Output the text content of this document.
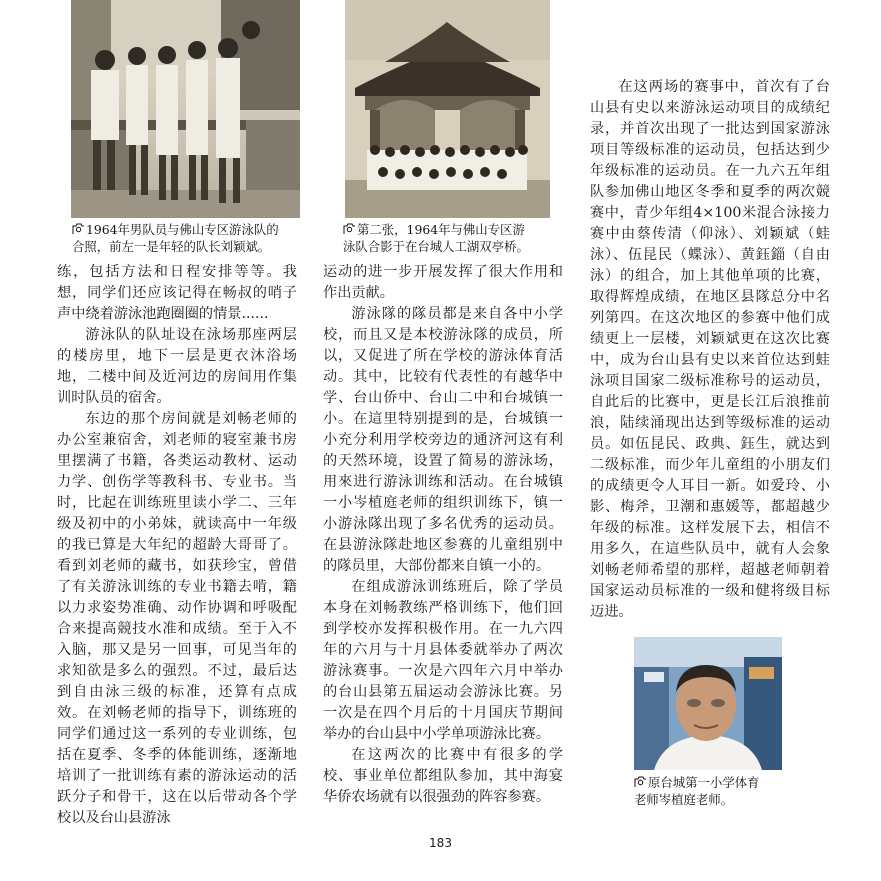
1964年男队员与佛山专区游泳队的
合照，前左一是年轻的队长刘颖斌。
第二张，1964年与佛山专区游
泳队合影于在台城人工湖双亭桥。

练，包括方法和日程安排等等。我想，同学们还应该记得在畅叔的哨子声中绕着游泳池跑圈圈的情景......

游泳队的队址设在泳场那座两层的楼房里，地下一层是更衣沐浴场地，二楼中间及近河边的房间用作集训时队员的宿舍。

东边的那个房间就是刘畅老师的办公室兼宿舍，刘老师的寝室兼书房里摆满了书籍，各类运动教材、运动力学、创伤学等教科书、专业书。当时，比起在训练班里读小学二、三年级及初中的小弟妹，就读高中一年级的我已算是大年纪的超龄大哥哥了。看到刘老师的藏书，如获珍宝，曾借了有关游泳训练的专业书籍去啃，籍以力求姿势准确、动作协调和呼吸配合来提高競技水准和成绩。至于入不入脑，那又是另一回事，可见当年的求知欲是多么的强烈。不过，最后达到自由泳三级的标准，还算有点成效。在刘畅老师的指导下，训练班的同学们通过这一系列的专业训练，包括在夏季、冬季的体能训练，逐渐地培训了一批训练有素的游泳运动的活跃分子和骨干，这在以后带动各个学校以及台山县游泳

运动的进一步开展发挥了很大作用和作出贡献。

游泳隊的隊员都是来自各中小学校，而且又是本校游泳隊的成员，所以，又促进了所在学校的游泳体育活动。其中，比较有代表性的有越华中学、台山侨中、台山二中和台城镇一小。在這里特别提到的是，台城镇一小充分利用学校旁边的通济河这有利的天然环境，设置了简易的游泳场，用來进行游泳训练和活动。在台城镇一小岑植庭老师的组织训练下，镇一小游泳隊出现了多名优秀的运动员。在县游泳隊赴地区参赛的儿童组别中的隊员里，大部份都来自镇一小的。

在组成游泳训练班后，除了学员本身在刘畅教练严格训练下，他们回到学校亦发挥积极作用。在一九六四年的六月与十月县体委就举办了两次游泳赛事。一次是六四年六月中举办的台山县第五届运动会游泳比赛。另一次是在四个月后的十月国庆节期间举办的台山县中小学单项游泳比赛。

在这两次的比赛中有很多的学校、事业单位都组队参加，其中海宴华侨农场就有以很强劲的阵容参赛。

在这两场的赛事中，首次有了台山县有史以来游泳运动项目的成绩纪录，并首次出现了一批达到国家游泳项目等级标准的运动员，包括达到少年级标准的运动员。在一九六五年组队参加佛山地区冬季和夏季的两次競赛中，青少年组4×100米混合泳接力赛中由蔡传清（仰泳）、刘颖斌（蛙泳）、伍昆民（蝶泳）、黄鈺錙（自由泳）的组合，加上其他单项的比赛，取得辉煌成绩，在地区县隊总分中名列第四。在这次地区的参赛中他们成绩更上一层楼，刘颖斌更在这次比赛中，成为台山县有史以来首位达到蛙泳项目国家二级标准称号的运动员，自此后的比赛中，更是长江后浪推前浪，陆续涌现出达到等级标准的运动员。如伍昆民、政典、鈺生，就达到二级标准，而少年儿童组的小朋友们的成绩更令人耳目一新。如爱玲、小影、梅斧，卫潮和惠媛等，都超越少年级的标准。这样发展下去，相信不用多久，在這些队员中，就有人会象刘畅老师希望的那样，超越老师朝着国家运动员标准的一级和健将级目标迈进。

原台城第一小学体育
老师岑植庭老师。
183
